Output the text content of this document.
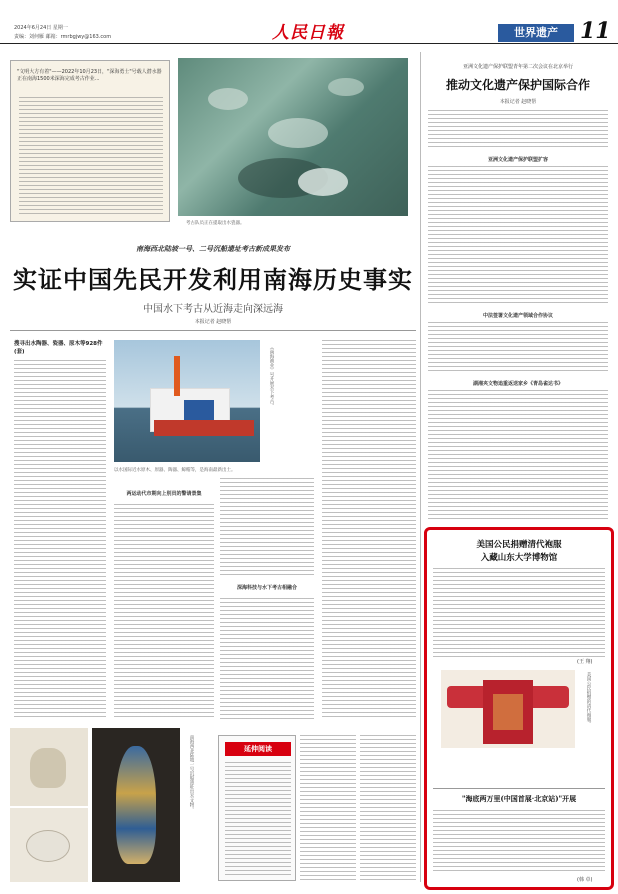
2024年6月24日 星期一
责编：刘何雁 邮箱：rmrbgjwy@163.com	人民日報	世界遗产	11
"文明大方有着"——2022年10月23日，"深海勇士"号载人潜水器正在南海1500米深海完成考古作业...
考古队员正在提取出水瓷器。
亚洲文化遗产保护联盟青年第二次会议在北京举行
推动文化遗产保护国际合作
本报记者 赵晓帮
亚洲文化遗产保护联盟扩容
中法签署文化遗产领域合作协议
湖湘夹文物追重返送家乡《青岛雀达书》
南海西北陆坡一号、二号沉船遗址考古新成果发布
实证中国先民开发利用南海历史事实
中国水下考古从近海走向深远海
本报记者 赵晓帮
搜寻出水陶器、瓷器、原木等928件(套)	《南海渔业》号开展水下考古。
以水国际近水原木、原器、陶器、鲸帽等，是海南最新出土。
两运动代市期向上别员的警请景集
深海科技与水下考古相融合
南海西北陆坡一号沉船遗址出水文物。	延伸阅读
美国公民捐赠清代袍服
入藏山东大学博物馆
(王 翔)
美国公民捐赠的清代袍服。
"海底两万里(中国首展·北京站)"开展
(韩 卓)
